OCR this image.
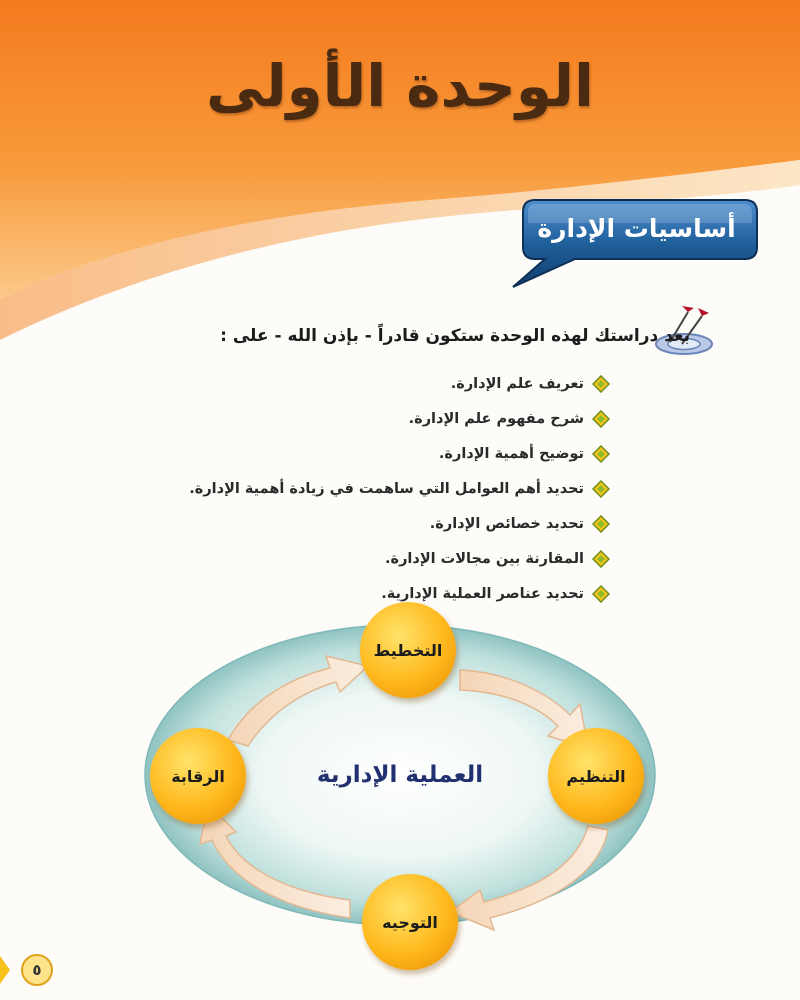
الوحدة الأولى
أساسيات الإدارة
بعد دراستك لهذه الوحدة ستكون قادراً - بإذن الله - على :
تعريف علم الإدارة.
شرح مفهوم علم الإدارة.
توضيح أهمية الإدارة.
تحديد أهم العوامل التي ساهمت في زيادة أهمية الإدارة.
تحديد خصائص الإدارة.
المقارنة بين مجالات الإدارة.
تحديد عناصر العملية الإدارية.
التخطيط
التنظيم
التوجيه
الرقابة	العملية الإدارية
٥
